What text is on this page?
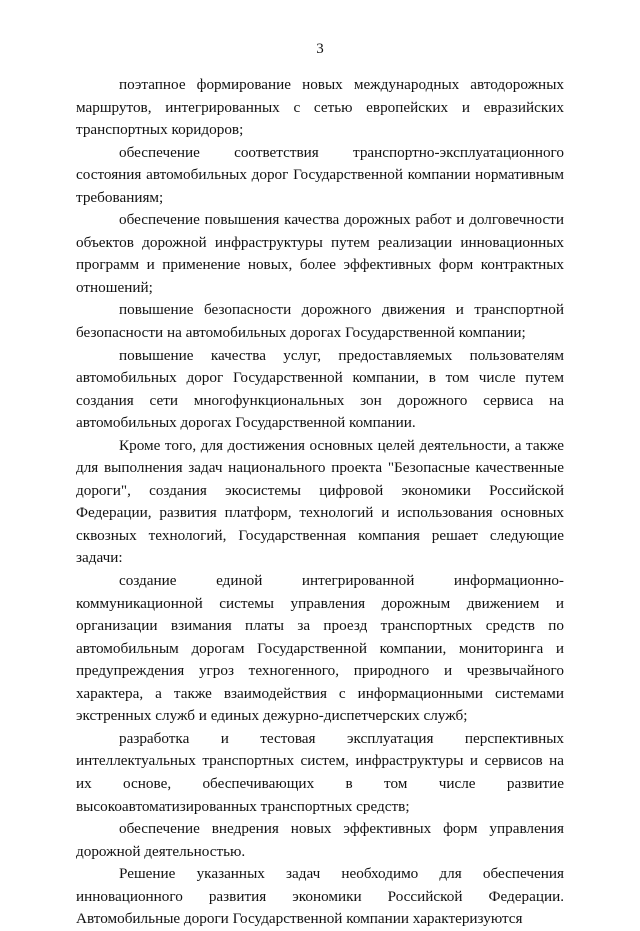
3

поэтапное формирование новых международных автодорожных маршрутов, интегрированных с сетью европейских и евразийских транспортных коридоров;

обеспечение соответствия транспортно-эксплуатационного состояния автомобильных дорог Государственной компании нормативным требованиям;

обеспечение повышения качества дорожных работ и долговечности объектов дорожной инфраструктуры путем реализации инновационных программ и применение новых, более эффективных форм контрактных отношений;

повышение безопасности дорожного движения и транспортной безопасности на автомобильных дорогах Государственной компании;

повышение качества услуг, предоставляемых пользователям автомобильных дорог Государственной компании, в том числе путем создания сети многофункциональных зон дорожного сервиса на автомобильных дорогах Государственной компании.

Кроме того, для достижения основных целей деятельности, а также для выполнения задач национального проекта "Безопасные качественные дороги", создания экосистемы цифровой экономики Российской Федерации, развития платформ, технологий и использования основных сквозных технологий, Государственная компания решает следующие задачи:

создание единой интегрированной информационно-коммуникационной системы управления дорожным движением и организации взимания платы за проезд транспортных средств по автомобильным дорогам Государственной компании, мониторинга и предупреждения угроз техногенного, природного и чрезвычайного характера, а также взаимодействия с информационными системами экстренных служб и единых дежурно-диспетчерских служб;

разработка и тестовая эксплуатация перспективных интеллектуальных транспортных систем, инфраструктуры и сервисов на их основе, обеспечивающих в том числе развитие высокоавтоматизированных транспортных средств;

обеспечение внедрения новых эффективных форм управления дорожной деятельностью.

Решение указанных задач необходимо для обеспечения инновационного развития экономики Российской Федерации. Автомобильные дороги Государственной компании характеризуются
